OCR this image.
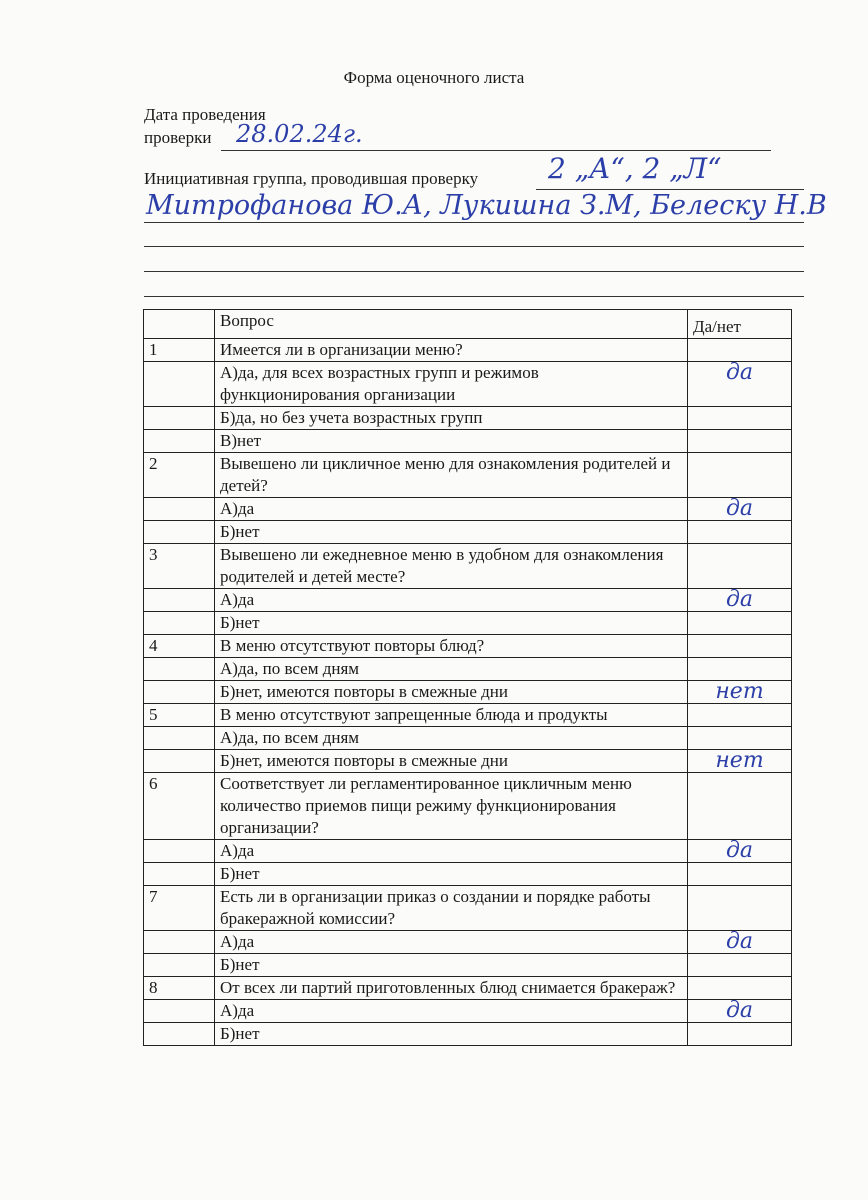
Форма оценочного листа
Дата проведения
проверки 28.02.24г.
Инициативная группа, проводившая проверку 2 „А“, 2 „Л“
Митрофанова Ю.А, Лукишна З.М, Белеску Н.В
	Вопрос	Да/нет

1	Имеется ли в организации меню?	

	А)да, для всех возрастных групп и режимов функционирования организации	да

	Б)да, но без учета возрастных групп	

	В)нет	

2	Вывешено ли цикличное меню для ознакомления родителей и детей?	

	А)да	да

	Б)нет	

3	Вывешено ли ежедневное меню в удобном для ознакомления родителей и детей месте?	

	А)да	да

	Б)нет	

4	В меню отсутствуют повторы блюд?	

	А)да, по всем дням	

	Б)нет, имеются повторы в смежные дни	нет

5	В меню отсутствуют запрещенные блюда и продукты	

	А)да, по всем дням	

	Б)нет, имеются повторы в смежные дни	нет

6	Соответствует ли регламентированное цикличным меню количество приемов пищи режиму функционирования организации?	

	А)да	да

	Б)нет	

7	Есть ли в организации приказ о создании и порядке работы бракеражной комиссии?	

	А)да	да

	Б)нет	

8	От всех ли партий приготовленных блюд снимается бракераж?	

	А)да	да

	Б)нет	
